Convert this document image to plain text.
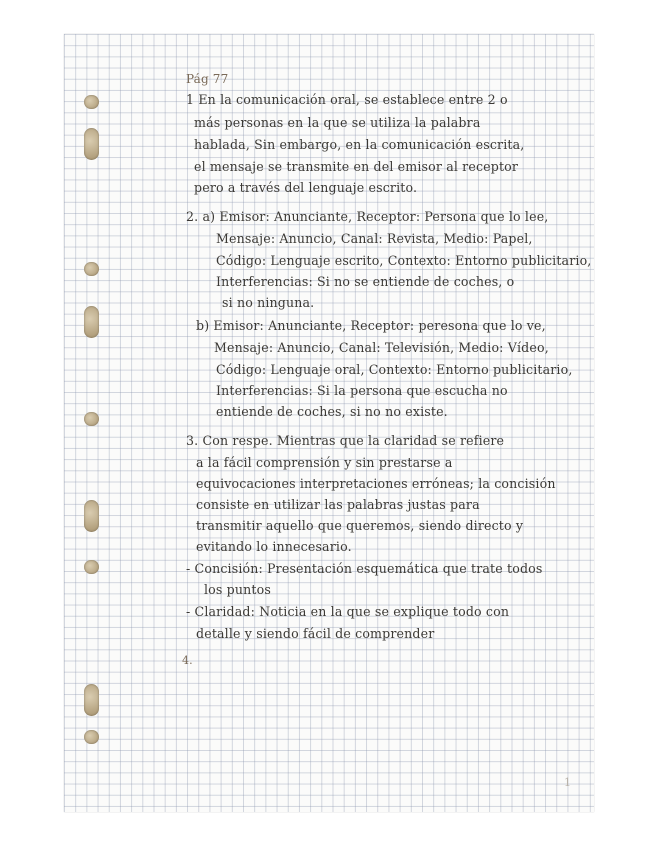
Pág 77
1 En la comunicación oral, se establece entre 2 o
más personas en la que se utiliza la palabra
hablada, Sin embargo, en la comunicación escrita,
el mensaje se transmite en del emisor al receptor
pero a través del lenguaje escrito.
2. a) Emisor: Anunciante, Receptor: Persona que lo lee,
Mensaje: Anuncio, Canal: Revista, Medio: Papel,
Código: Lenguaje escrito, Contexto: Entorno publicitario,
Interferencias: Si no se entiende de coches, o
si no ninguna.
b) Emisor: Anunciante, Receptor: peresona que lo ve,
Mensaje: Anuncio, Canal: Televisión, Medio: Vídeo,
Código: Lenguaje oral, Contexto: Entorno publicitario,
Interferencias: Si la persona que escucha no
entiende de coches, si no no existe.
3. Con respe. Mientras que la claridad se refiere
a la fácil comprensión y sin prestarse a
equivocaciones interpretaciones erróneas; la concisión
consiste en utilizar las palabras justas para
transmitir aquello que queremos, siendo directo y
evitando lo innecesario.
- Concisión: Presentación esquemática que trate todos
los puntos
- Claridad: Noticia en la que se explique todo con
detalle y siendo fácil de comprender
4.
1
